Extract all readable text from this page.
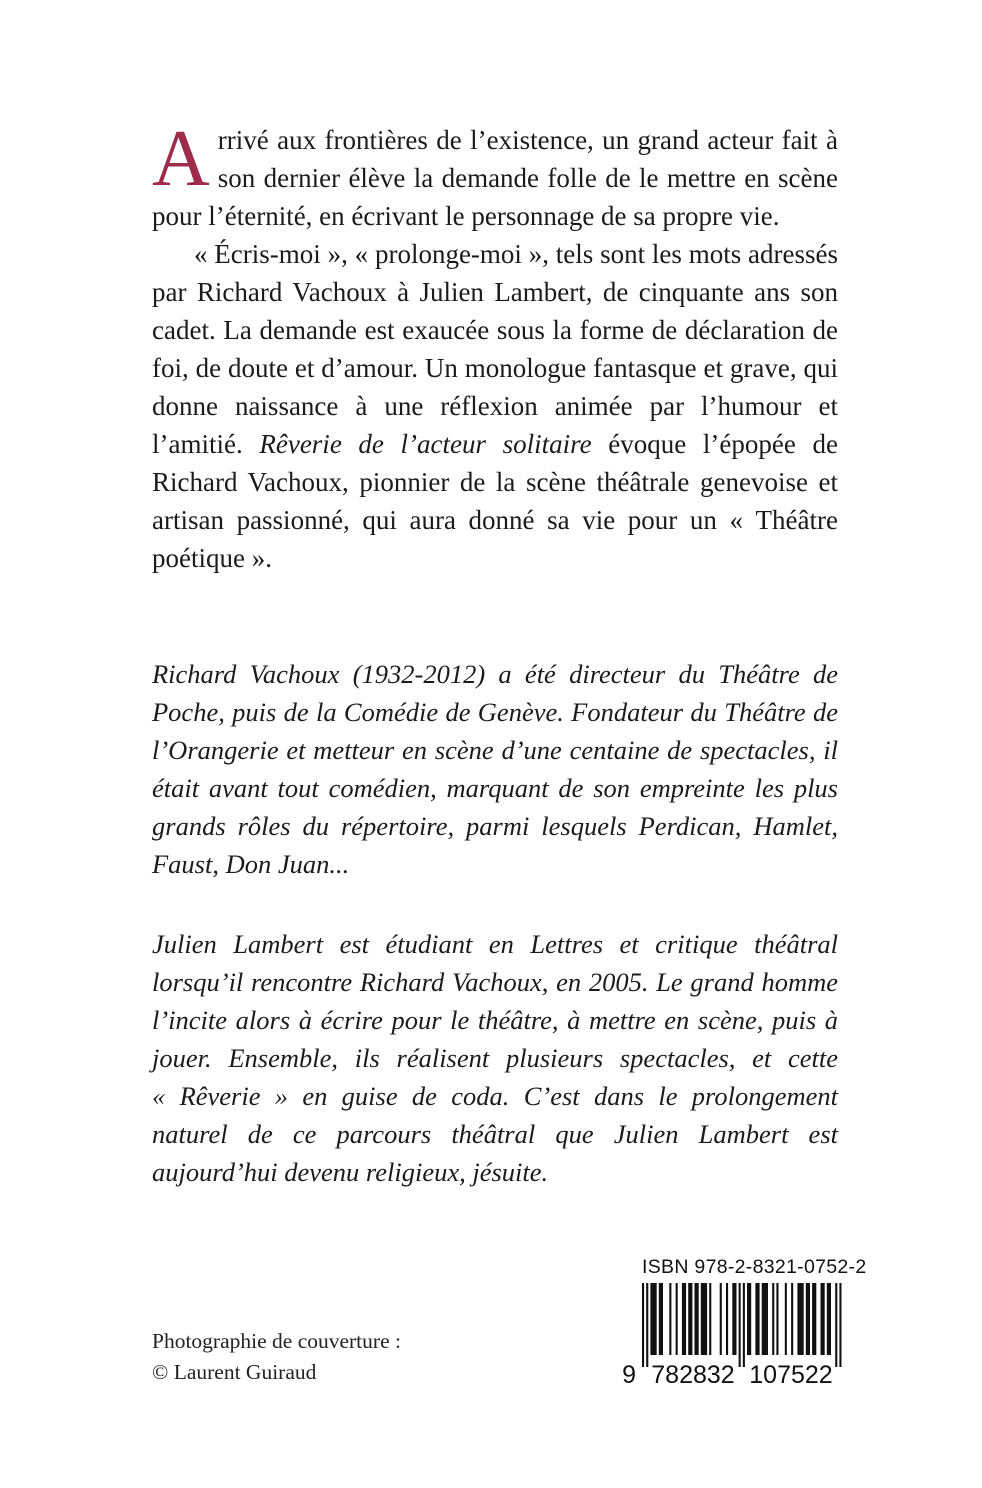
Arrivé aux frontières de l’existence, un grand acteur fait à son dernier élève la demande folle de le mettre en scène pour l’éternité, en écrivant le personnage de sa propre vie.

« Écris-moi », « prolonge-moi », tels sont les mots adressés par Richard Vachoux à Julien Lambert, de cinquante ans son cadet. La demande est exaucée sous la forme de déclaration de foi, de doute et d’amour. Un monologue fantasque et grave, qui donne naissance à une réflexion animée par l’humour et l’amitié. Rêverie de l’acteur solitaire évoque l’épopée de Richard Vachoux, pionnier de la scène théâtrale genevoise et artisan passionné, qui aura donné sa vie pour un « Théâtre poétique ».

Richard Vachoux (1932-2012) a été directeur du Théâtre de Poche, puis de la Comédie de Genève. Fondateur du Théâtre de l’Orangerie et metteur en scène d’une centaine de spectacles, il était avant tout comédien, marquant de son empreinte les plus grands rôles du répertoire, parmi lesquels Perdican, Hamlet, Faust, Don Juan...

Julien Lambert est étudiant en Lettres et critique théâtral lorsqu’il rencontre Richard Vachoux, en 2005. Le grand homme l’incite alors à écrire pour le théâtre, à mettre en scène, puis à jouer. Ensemble, ils réalisent plusieurs spectacles, et cette « Rêverie » en guise de coda. C’est dans le prolongement naturel de ce parcours théâtral que Julien Lambert est aujourd’hui devenu religieux, jésuite.

Photographie de couverture :
© Laurent Guiraud
ISBN 978-2-8321-0752-2
9 782832 107522
